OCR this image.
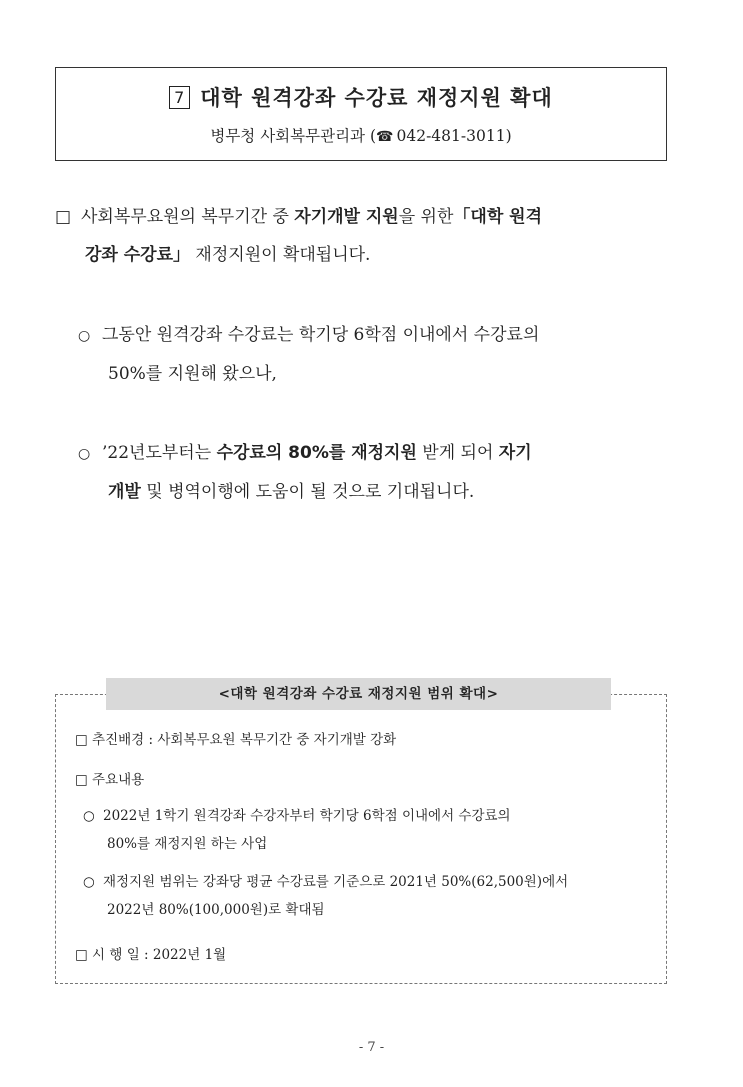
7 대학 원격강좌 수강료 재정지원 확대
병무청 사회복무관리과 (☎ 042-481-3011)
□ 사회복무요원의 복무기간 중 자기개발 지원을 위한「대학 원격
강좌 수강료」 재정지원이 확대됩니다.
○ 그동안 원격강좌 수강료는 학기당 6학점 이내에서 수강료의
50%를 지원해 왔으나,
○ ’22년도부터는 수강료의 80%를 재정지원 받게 되어 자기
개발 및 병역이행에 도움이 될 것으로 기대됩니다.
<대학 원격강좌 수강료 재정지원 범위 확대>
□ 추진배경 : 사회복무요원 복무기간 중 자기개발 강화
□ 주요내용
○ 2022년 1학기 원격강좌 수강자부터 학기당 6학점 이내에서 수강료의
80%를 재정지원 하는 사업
○ 재정지원 범위는 강좌당 평균 수강료를 기준으로 2021년 50%(62,500원)에서
2022년 80%(100,000원)로 확대됨
□ 시 행 일 : 2022년 1월
- 7 -
